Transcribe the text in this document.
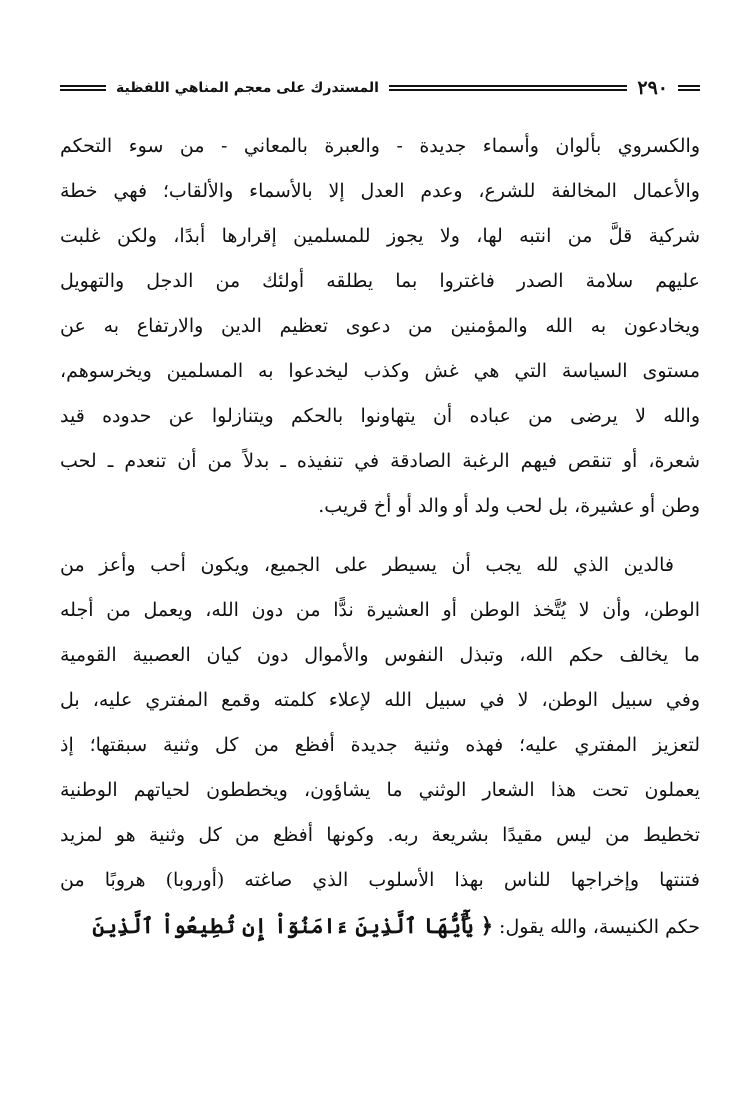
٢٩٠
المستدرك على معجم المناهي اللفظية
والكسروي بألوان وأسماء جديدة - والعبرة بالمعاني - من سوء التحكم
والأعمال المخالفة للشرع، وعدم العدل إلا بالأسماء والألقاب؛ فهي خطة
شركية قلَّ من انتبه لها، ولا يجوز للمسلمين إقرارها أبدًا، ولكن غلبت
عليهم سلامة الصدر فاغتروا بما يطلقه أولئك من الدجل والتهويل
ويخادعون به الله والمؤمنين من دعوى تعظيم الدين والارتفاع به عن
مستوى السياسة التي هي غش وكذب ليخدعوا به المسلمين ويخرسوهم،
والله لا يرضى من عباده أن يتهاونوا بالحكم ويتنازلوا عن حدوده قيد
شعرة، أو تنقص فيهم الرغبة الصادقة في تنفيذه ـ بدلاً من أن تنعدم ـ لحب
وطن أو عشيرة، بل لحب ولد أو والد أو أخ قريب.
فالدين الذي لله يجب أن يسيطر على الجميع، ويكون أحب وأعز من
الوطن، وأن لا يُتَّخذ الوطن أو العشيرة ندًّا من دون الله، ويعمل من أجله
ما يخالف حكم الله، وتبذل النفوس والأموال دون كيان العصبية القومية
وفي سبيل الوطن، لا في سبيل الله لإعلاء كلمته وقمع المفتري عليه، بل
لتعزيز المفتري عليه؛ فهذه وثنية جديدة أفظع من كل وثنية سبقتها؛ إذ
يعملون تحت هذا الشعار الوثني ما يشاؤون، ويخططون لحياتهم الوطنية
تخطيط من ليس مقيدًا بشريعة ربه. وكونها أفظع من كل وثنية هو لمزيد
فتنتها وإخراجها للناس بهذا الأسلوب الذي صاغته (أوروبا) هروبًا من
حكم الكنيسة، والله يقول: ﴿ يَٰٓأَيُّهَا ٱلَّذِينَ ءَامَنُوٓاْ إِن تُطِيعُواْ ٱلَّذِينَ
